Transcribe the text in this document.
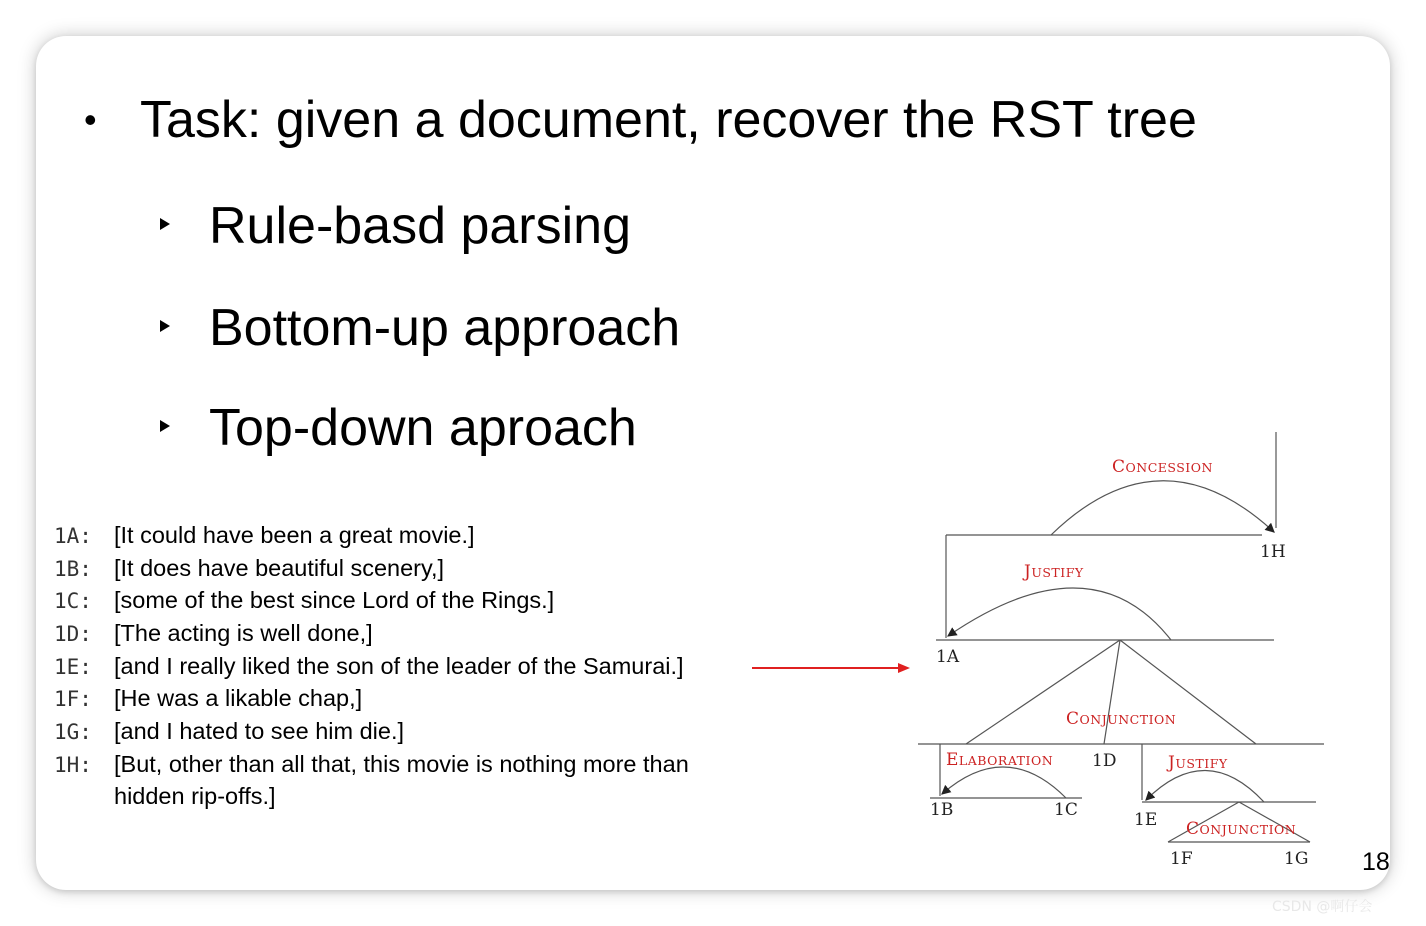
• Task: given a document, recover the RST tree
Rule-basd parsing
Bottom-up approach
Top-down aproach
1A: [It could have been a great movie.]
1B: [It does have beautiful scenery,]
1C: [some of the best since Lord of the Rings.]
1D: [The acting is well done,]
1E: [and I really liked the son of the leader of the Samurai.]
1F: [He was a likable chap,]
1G: [and I hated to see him die.]
1H: [But, other than all that, this movie is nothing more than
hidden rip-offs.]
CONCESSION
JUSTIFY
CONJUNCTION
ELABORATION	JUSTIFY
CONJUNCTION
1H
1A
1D
1B	1C	1E
1F	1G 18
CSDN @啊仔会
